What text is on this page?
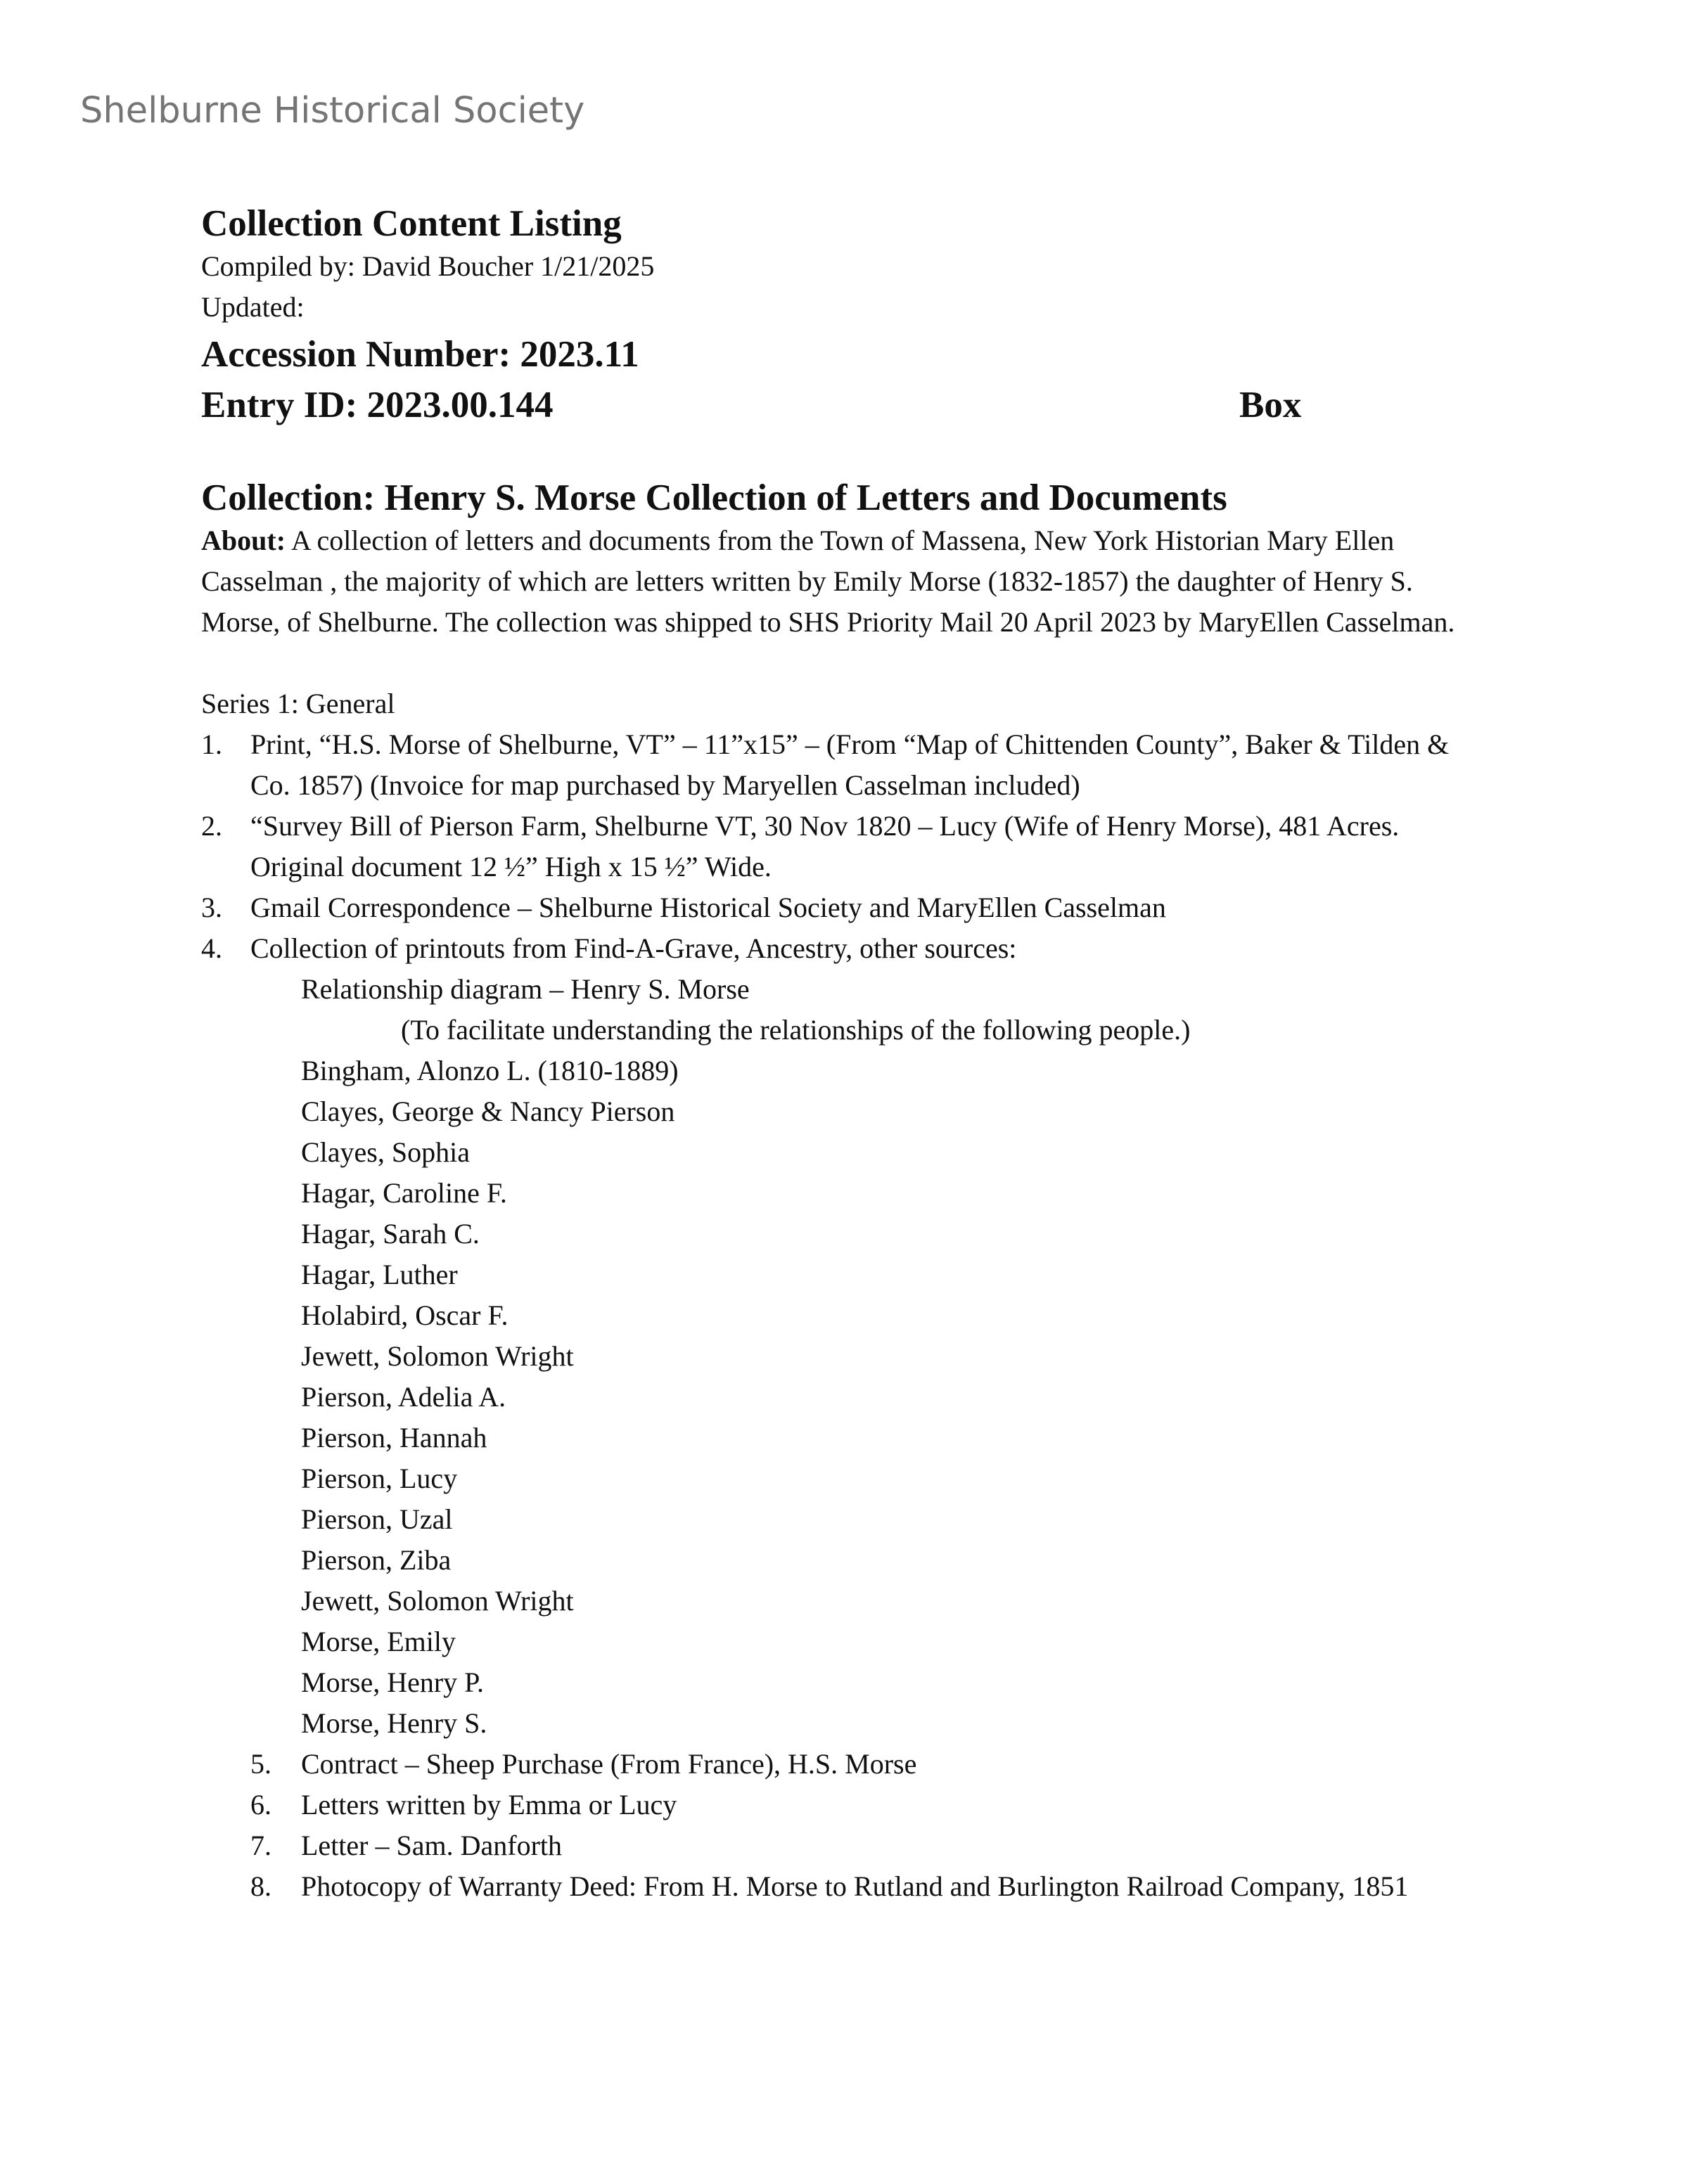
Shelburne Historical Society
Collection Content Listing
Compiled by: David Boucher 1/21/2025
Updated:
Accession Number: 2023.11
Entry ID: 2023.00.144	Box
Collection: Henry S. Morse Collection of Letters and Documents
About: A collection of letters and documents from the Town of Massena, New York Historian Mary Ellen Casselman , the majority of which are letters written by Emily Morse (1832-1857) the daughter of Henry S. Morse, of Shelburne. The collection was shipped to SHS Priority Mail 20 April 2023 by MaryEllen Casselman.
Series 1: General
1. Print, “H.S. Morse of Shelburne, VT” – 11”x15” – (From “Map of Chittenden County”, Baker & Tilden & Co. 1857) (Invoice for map purchased by Maryellen Casselman included)
2. “Survey Bill of Pierson Farm, Shelburne VT, 30 Nov 1820 – Lucy (Wife of Henry Morse), 481 Acres. Original document 12 ½” High x 15 ½” Wide.
3. Gmail Correspondence – Shelburne Historical Society and MaryEllen Casselman
4. Collection of printouts from Find-A-Grave, Ancestry, other sources:
Relationship diagram – Henry S. Morse
(To facilitate understanding the relationships of the following people.)
Bingham, Alonzo L. (1810-1889)
Clayes, George & Nancy Pierson
Clayes, Sophia
Hagar, Caroline F.
Hagar, Sarah C.
Hagar, Luther
Holabird, Oscar F.
Jewett, Solomon Wright
Pierson, Adelia A.
Pierson, Hannah
Pierson, Lucy
Pierson, Uzal
Pierson, Ziba
Jewett, Solomon Wright
Morse, Emily
Morse, Henry P.
Morse, Henry S.
5. Contract – Sheep Purchase (From France), H.S. Morse
6. Letters written by Emma or Lucy
7. Letter – Sam. Danforth
8. Photocopy of Warranty Deed: From H. Morse to Rutland and Burlington Railroad Company, 1851
